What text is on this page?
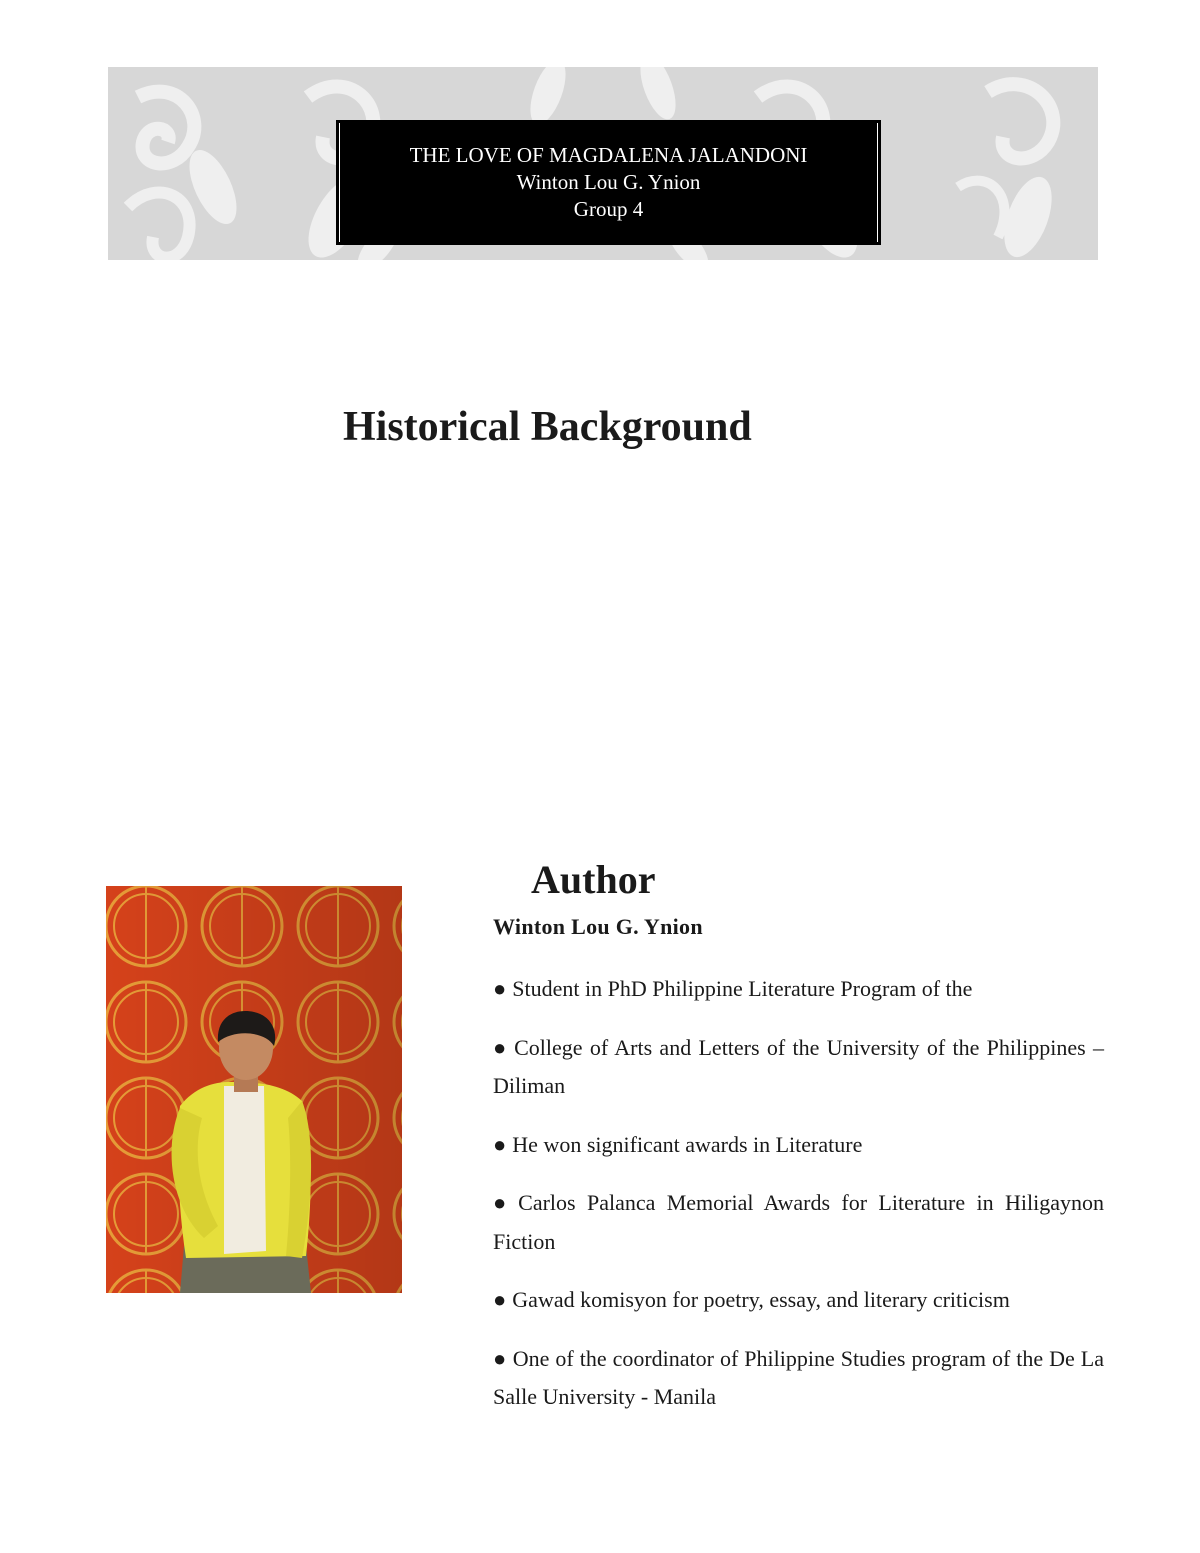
THE LOVE OF MAGDALENA JALANDONI
Winton Lou G. Ynion
Group 4
Historical Background
Author
Winton Lou G. Ynion
● Student in PhD Philippine Literature Program of the
● College of Arts and Letters of the University of the Philippines – Diliman
● He won significant awards in Literature
● Carlos Palanca Memorial Awards for Literature in Hiligaynon Fiction
● Gawad komisyon for poetry, essay, and literary criticism
● One of the coordinator of Philippine Studies program of the De La Salle University - Manila
